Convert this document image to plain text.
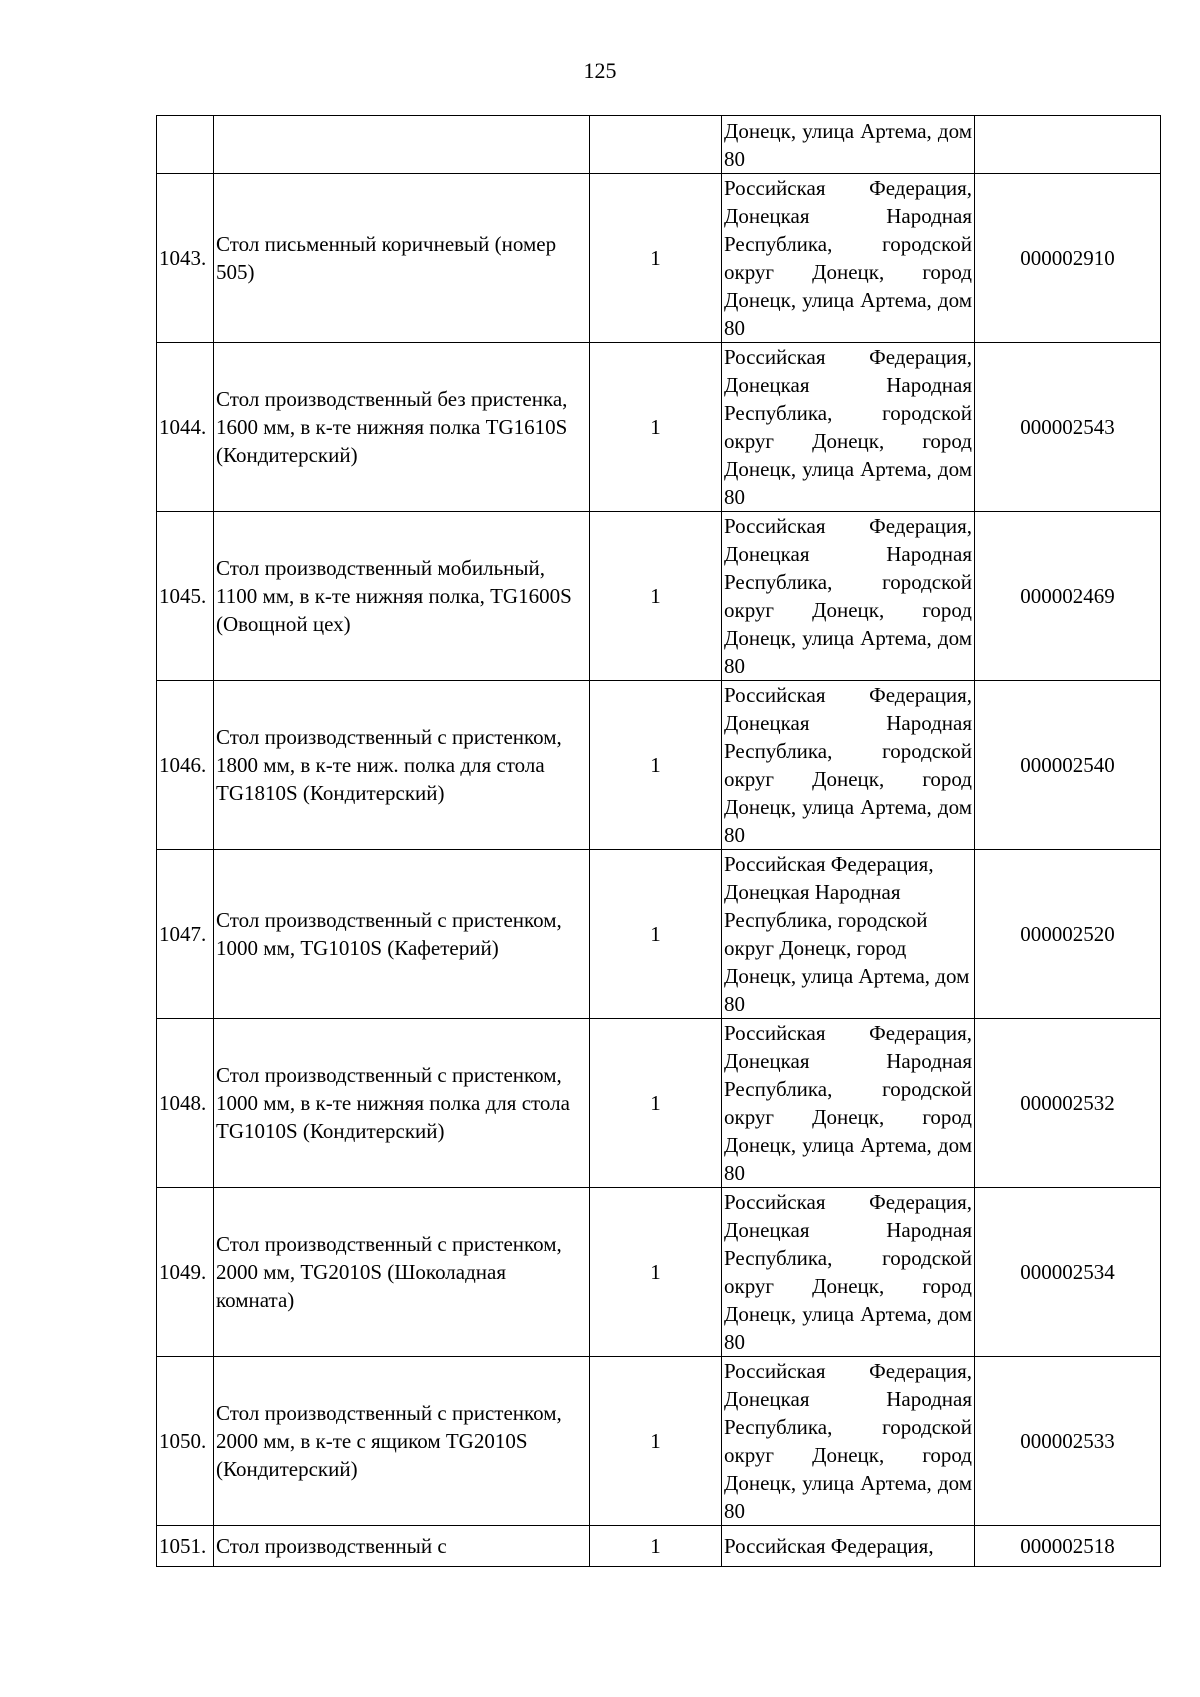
125
			Донецк, улица Артема, дом 80	
1043.	Стол письменный коричневый (номер 505)	1	Российская Федерация, Донецкая Народная Республика, городской округ Донецк, город Донецк, улица Артема, дом 80	000002910
1044.	Стол производственный без пристенка, 1600 мм, в к-те нижняя полка TG1610S (Кондитерский)	1	Российская Федерация, Донецкая Народная Республика, городской округ Донецк, город Донецк, улица Артема, дом 80	000002543
1045.	Стол производственный мобильный, 1100 мм, в к-те нижняя полка, TG1600S (Овощной цех)	1	Российская Федерация, Донецкая Народная Республика, городской округ Донецк, город Донецк, улица Артема, дом 80	000002469
1046.	Стол производственный с пристенком, 1800 мм, в к-те ниж. полка для стола TG1810S (Кондитерский)	1	Российская Федерация, Донецкая Народная Республика, городской округ Донецк, город Донецк, улица Артема, дом 80	000002540
1047.	Стол производственный с пристенком, 1000 мм, TG1010S (Кафетерий)	1	Российская Федерация, Донецкая Народная Республика, городской округ Донецк, город Донецк, улица Артема, дом 80	000002520
1048.	Стол производственный с пристенком, 1000 мм, в к-те нижняя полка для стола TG1010S (Кондитерский)	1	Российская Федерация, Донецкая Народная Республика, городской округ Донецк, город Донецк, улица Артема, дом 80	000002532
1049.	Стол производственный с пристенком, 2000 мм, TG2010S (Шоколадная комната)	1	Российская Федерация, Донецкая Народная Республика, городской округ Донецк, город Донецк, улица Артема, дом 80	000002534
1050.	Стол производственный с пристенком, 2000 мм, в к-те с ящиком TG2010S (Кондитерский)	1	Российская Федерация, Донецкая Народная Республика, городской округ Донецк, город Донецк, улица Артема, дом 80	000002533
1051.	Стол производственный с	1	Российская Федерация,	000002518
